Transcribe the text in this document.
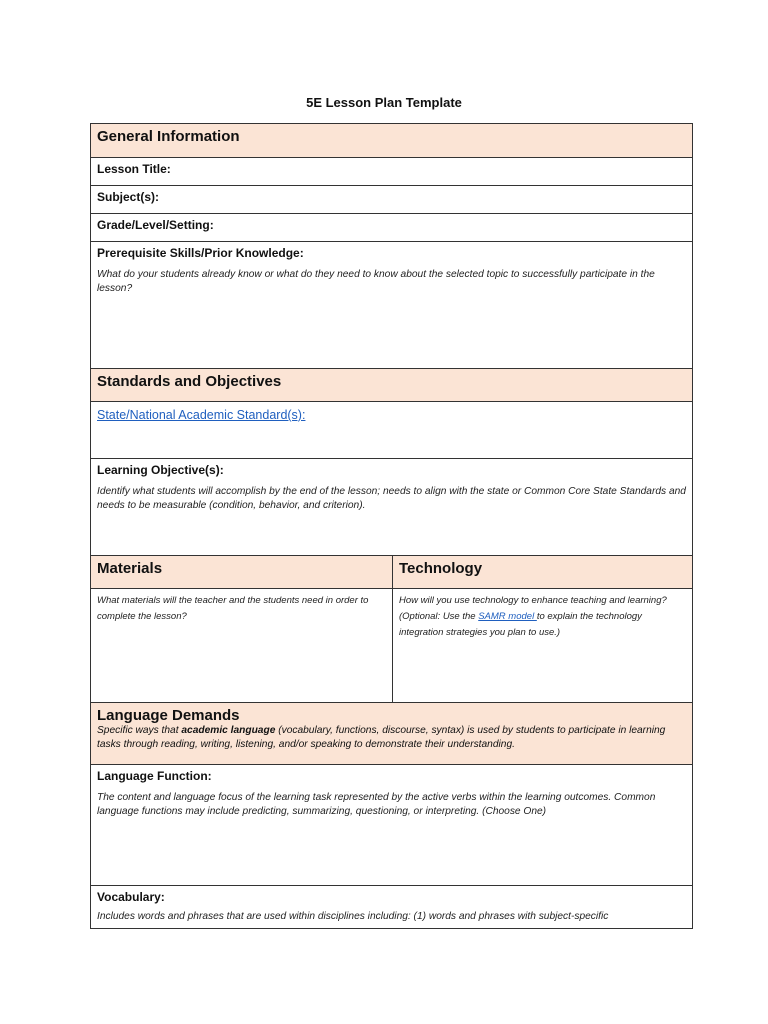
5E Lesson Plan Template
General Information
Lesson Title:
Subject(s):
Grade/Level/Setting:
Prerequisite Skills/Prior Knowledge:
What do your students already know or what do they need to know about the selected topic to successfully participate in the lesson?
Standards and Objectives
State/National Academic Standard(s):
Learning Objective(s):
Identify what students will accomplish by the end of the lesson; needs to align with the state or Common Core State Standards and needs to be measurable (condition, behavior, and criterion).
Materials	Technology
What materials will the teacher and the students need in order to complete the lesson?
How will you use technology to enhance teaching and learning? (Optional: Use the SAMR model to explain the technology integration strategies you plan to use.)
Language Demands
Specific ways that academic language (vocabulary, functions, discourse, syntax) is used by students to participate in learning tasks through reading, writing, listening, and/or speaking to demonstrate their understanding.
Language Function:
The content and language focus of the learning task represented by the active verbs within the learning outcomes. Common language functions may include predicting, summarizing, questioning, or interpreting. (Choose One)
Vocabulary:
Includes words and phrases that are used within disciplines including: (1) words and phrases with subject-specific
